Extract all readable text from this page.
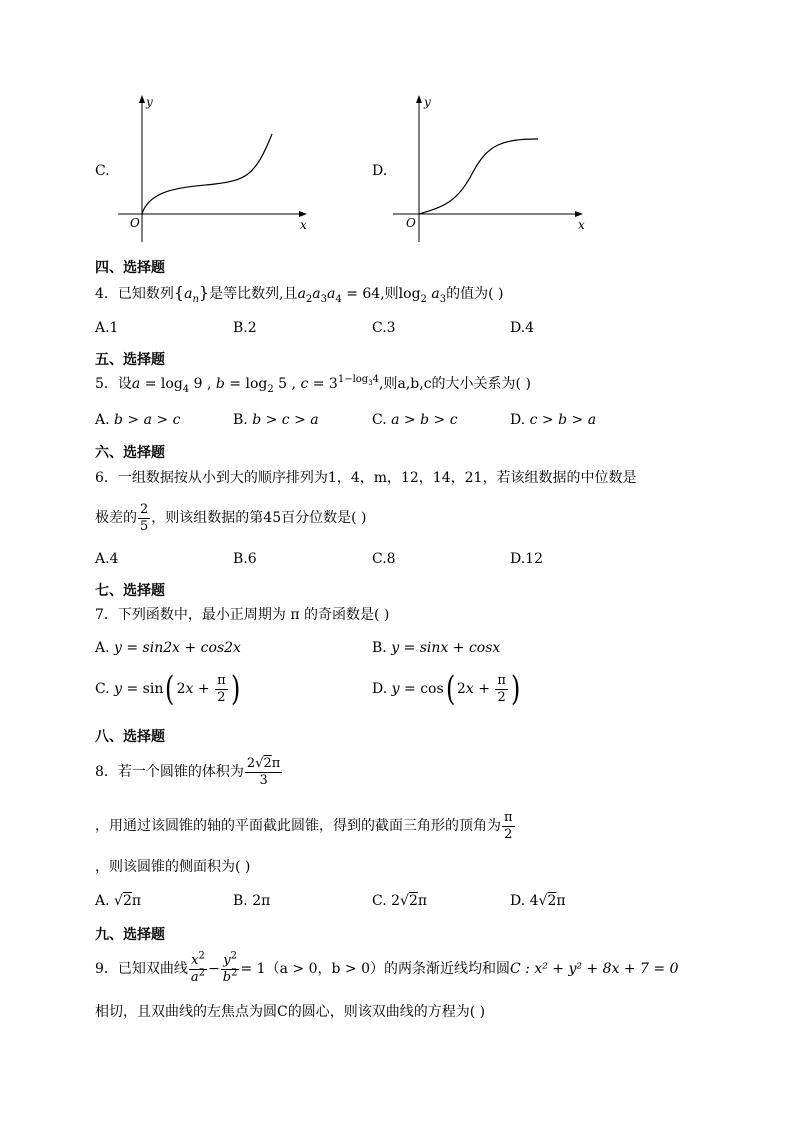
C.
y
x
O
D.
y
x
O
四、选择题
4．已知数列$\{a_n\}$是等比数列,且$a_2a_3a_4 = 64$,则$\log_2 a_3$的值为( )
A.1	B.2	C.3	D.4
五、选择题
5．设$a = \log_4 9$ , $b = \log_2 5$ , $c = 3^{1-log_34}$,则a,b,c的大小关系为( )
A. b > a > c	B. b > c > a	C. a > b > c	D. c > b > a
六、选择题
6．一组数据按从小到大的顺序排列为1，4，m，12，14，21，若该组数据的中位数是
极差的 $\frac{2}{5}$ ，则该组数据的第45百分位数是( )
A.4	B.6	C.8	D.12
七、选择题
7．下列函数中，最小正周期为 π 的奇函数是( )
A. y = sin2x + cos2x	B. y = sinx + cosx
C. y = sin( $2x + \frac{\pi}{2}$ )	D. y = cos( $2x + \frac{\pi}{2}$ )
八、选择题
8．若一个圆锥的体积为 $\frac{2√2\pi}{3}$
，用通过该圆锥的轴的平面截此圆锥，得到的截面三角形的顶角为 $\frac{\pi}{2}$
，则该圆锥的侧面积为( )
A. √2π	B. 2π	C. 2√2π	D. 4√2π
九、选择题
9．已知双曲线 $\frac{x^2}{a^2} - \frac{y^2}{b^2} = 1(a > 0$，b > 0）的两条渐近线均和圆C : x² + y² + 8x + 7 = 0
相切，且双曲线的左焦点为圆C的圆心，则该双曲线的方程为( )
